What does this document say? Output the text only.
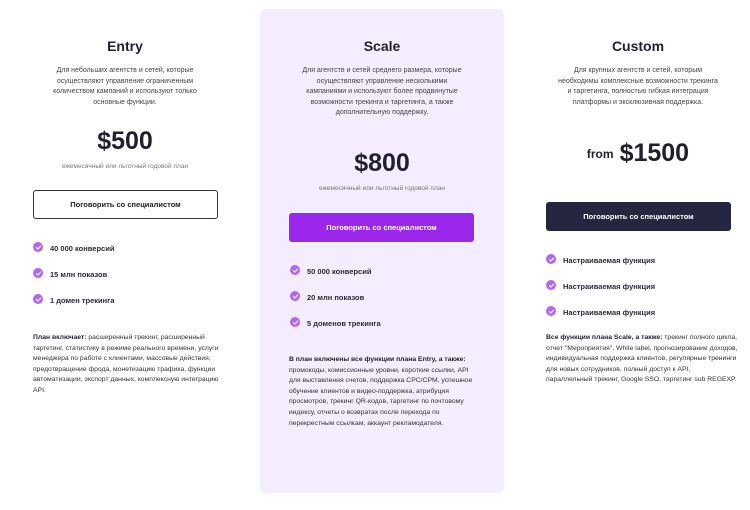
Entry

Для небольших агентств и сетей, которые осуществляют управление ограниченным количеством кампаний и используют только основные функции.

$500
ежемесячный или льготный годовой план
Поговорить со специалистом
40 000 конверсий
15 млн показов
1 домен трекинга

План включает: расширенный трекинг, расширенный таргетинг, статистику в режиме реального времени, услуги менеджера по работе с клиентами, массовые действия, предотвращение фрода, монетизацию трафика, функции автоматизации, экспорт данных, комплексную интеграцию API.

Scale

Для агентств и сетей среднего размера, которые осуществляют управление несколькими кампаниями и используют более продвинутые возможности трекинга и таргетинга, а также дополнительную поддержку.

$800
ежемесячный или льготный годовой план
Поговорить со специалистом
50 000 конверсий
20 млн показов
5 доменов трекинга

В план включены все функции плана Entry, а также: промокоды, комиссионные уровни, короткие ссылки, API для выставления счетов, поддержка CPC/CPM, успешное обучение клиентов и видео-поддержка, атрибуция просмотров, трекинг QR-кодов, таргетинг по почтовому индексу, отчеты о возвратах после перехода по перекрестным ссылкам, аккаунт рекламодателя.

Custom

Для крупных агентств и сетей, которым необходимы комплексные возможности трекинга и таргетинга, полностью гибкая интеграция платформы и эксклюзивная поддержка.

from $1500
Поговорить со специалистом
Настраиваемая функция
Настраиваемая функция
Настраиваемая функция

Все функции плана Scale, а также: трекинг полного цикла, отчет "Мероприятия", White label, прогнозирование доходов, индивидуальная поддержка клиентов, регулярные тренинги для новых сотрудников, полный доступ к API, параллельный трекинг, Google SSO, таргетинг sub REGEXP.
